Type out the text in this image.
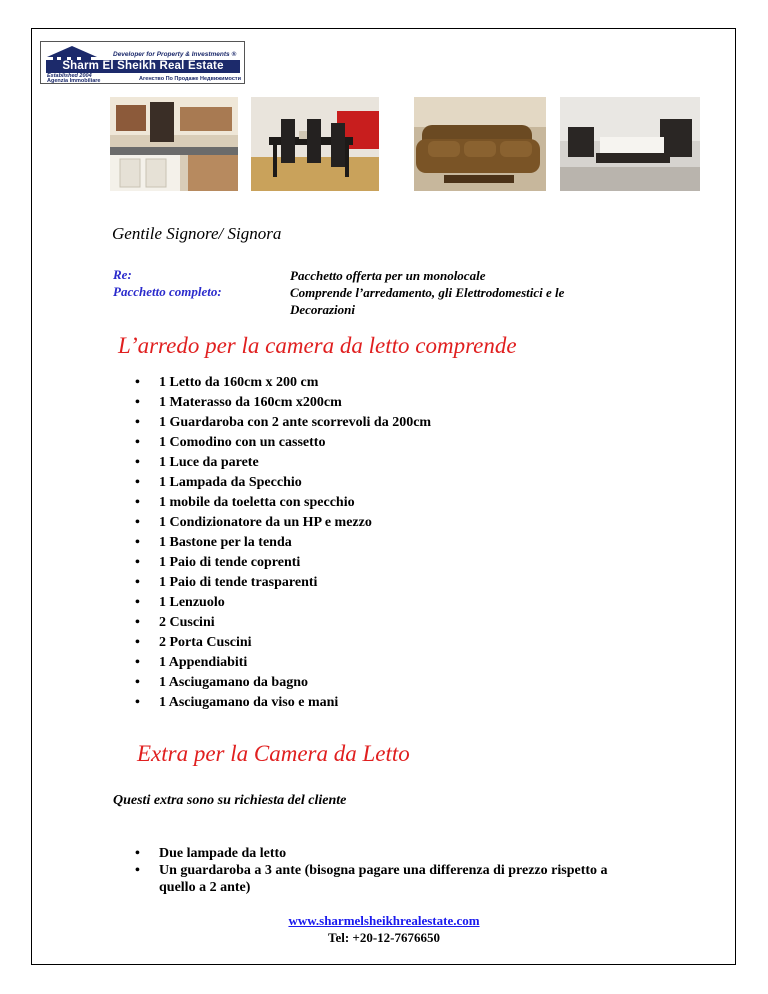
Developer for Property & Investments ®
Sharm El Sheikh Real Estate
Established 2004
Agenzia Immobiliare	Агенство По Продаже Недвижимости
Gentile Signore/ Signora
Re:	Pacchetto offerta per un monolocale
Pacchetto completo:	Comprende l’arredamento, gli Elettrodomestici e le Decorazioni
L’arredo per la camera da letto comprende
• 1 Letto da 160cm x 200 cm
• 1 Materasso da 160cm x200cm
• 1 Guardaroba con 2 ante scorrevoli da 200cm
• 1 Comodino con un cassetto
• 1 Luce da parete
• 1 Lampada da Specchio
• 1 mobile da toeletta con specchio
• 1 Condizionatore da un HP e mezzo
• 1 Bastone per la tenda
• 1 Paio di tende coprenti
• 1 Paio di tende trasparenti
• 1 Lenzuolo
• 2 Cuscini
• 2 Porta Cuscini
• 1 Appendiabiti
• 1 Asciugamano da bagno
• 1 Asciugamano da viso e mani
Extra per la Camera da Letto
Questi extra sono su richiesta del cliente
• Due lampade da letto
• Un guardaroba a 3 ante (bisogna pagare una differenza di prezzo rispetto a quello a 2 ante)
www.sharmelsheikhrealestate.com
Tel: +20-12-7676650
